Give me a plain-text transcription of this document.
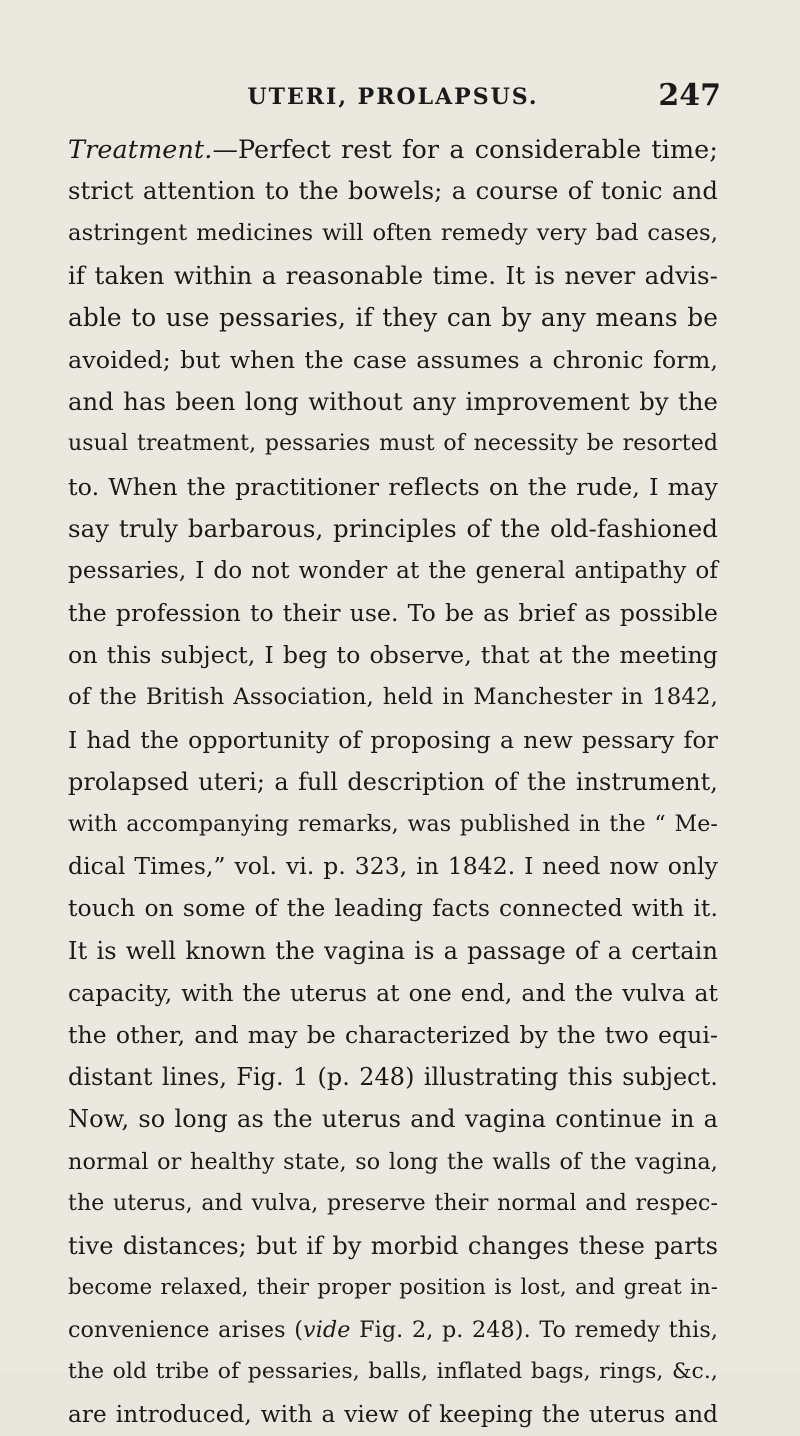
UTERI, PROLAPSUS.	247
Treatment.—Perfect rest for a considerable time;
strict attention to the bowels; a course of tonic and
astringent medicines will often remedy very bad cases,
if taken within a reasonable time. It is never advis-
able to use pessaries, if they can by any means be
avoided; but when the case assumes a chronic form,
and has been long without any improvement by the
usual treatment, pessaries must of necessity be resorted
to. When the practitioner reflects on the rude, I may
say truly barbarous, principles of the old-fashioned
pessaries, I do not wonder at the general antipathy of
the profession to their use. To be as brief as possible
on this subject, I beg to observe, that at the meeting
of the British Association, held in Manchester in 1842,
I had the opportunity of proposing a new pessary for
prolapsed uteri; a full description of the instrument,
with accompanying remarks, was published in the “ Me-
dical Times,” vol. vi. p. 323, in 1842. I need now only
touch on some of the leading facts connected with it.
It is well known the vagina is a passage of a certain
capacity, with the uterus at one end, and the vulva at
the other, and may be characterized by the two equi-
distant lines, Fig. 1 (p. 248) illustrating this subject.
Now, so long as the uterus and vagina continue in a
normal or healthy state, so long the walls of the vagina,
the uterus, and vulva, preserve their normal and respec-
tive distances; but if by morbid changes these parts
become relaxed, their proper position is lost, and great in-
convenience arises (vide Fig. 2, p. 248). To remedy this,
the old tribe of pessaries, balls, inflated bags, rings, &c.,
are introduced, with a view of keeping the uterus and
